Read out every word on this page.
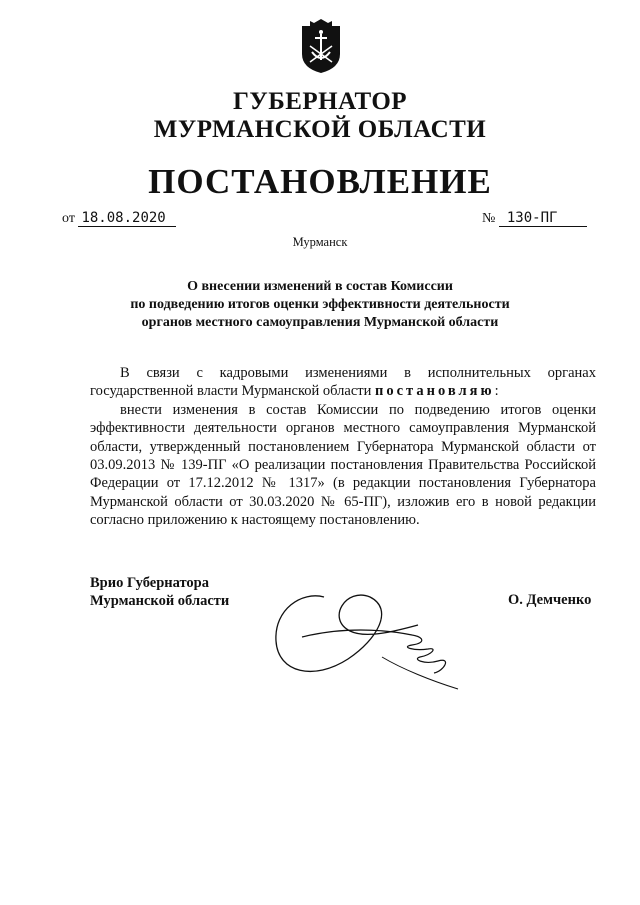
ГУБЕРНАТОР
МУРМАНСКОЙ ОБЛАСТИ
ПОСТАНОВЛЕНИЕ
от 18.08.2020	№ 130-ПГ
Мурманск
О внесении изменений в состав Комиссии
по подведению итогов оценки эффективности деятельности
органов местного самоуправления Мурманской области

В связи с кадровыми изменениями в исполнительных органах государственной власти Мурманской области постановляю:

внести изменения в состав Комиссии по подведению итогов оценки эффективности деятельности органов местного самоуправления Мурманской области, утвержденный постановлением Губернатора Мурманской области от 03.09.2013 № 139-ПГ «О реализации постановления Правительства Российской Федерации от 17.12.2012 № 1317» (в редакции постановления Губернатора Мурманской области от 30.03.2020 № 65-ПГ), изложив его в новой редакции согласно приложению к настоящему постановлению.

Врио Губернатора
Мурманской области	О. Демченко
